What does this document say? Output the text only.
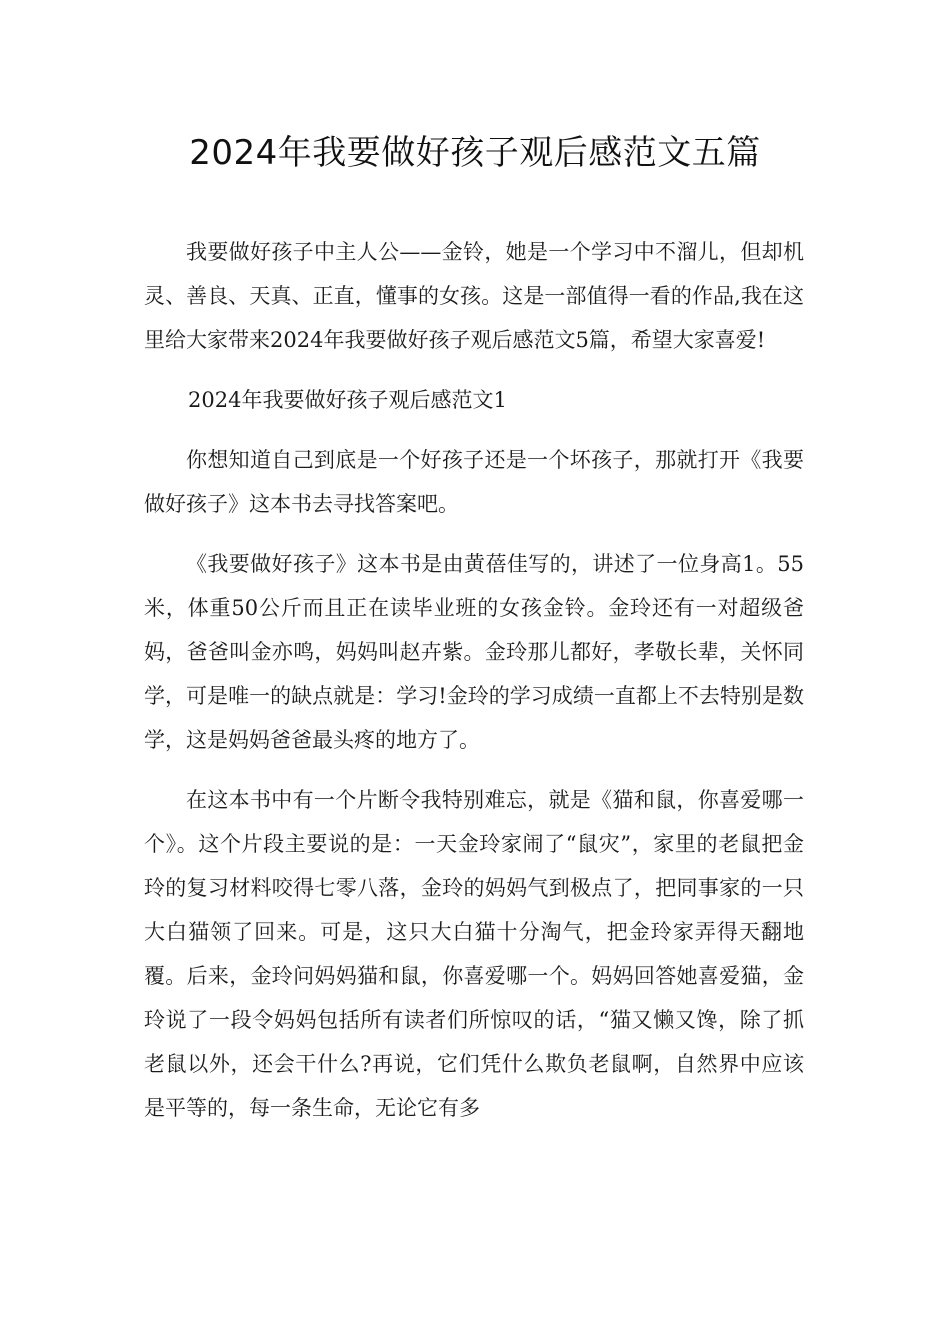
2024年我要做好孩子观后感范文五篇

我要做好孩子中主人公——金铃，她是一个学习中不溜儿，但却机灵、善良、天真、正直，懂事的女孩。这是一部值得一看的作品,我在这里给大家带来2024年我要做好孩子观后感范文5篇，希望大家喜爱!

2024年我要做好孩子观后感范文1

你想知道自己到底是一个好孩子还是一个坏孩子，那就打开《我要做好孩子》这本书去寻找答案吧。

《我要做好孩子》这本书是由黄蓓佳写的，讲述了一位身高1。55米，体重50公斤而且正在读毕业班的女孩金铃。金玲还有一对超级爸妈，爸爸叫金亦鸣，妈妈叫赵卉紫。金玲那儿都好，孝敬长辈，关怀同学，可是唯一的缺点就是：学习!金玲的学习成绩一直都上不去特别是数学，这是妈妈爸爸最头疼的地方了。

在这本书中有一个片断令我特别难忘，就是《猫和鼠，你喜爱哪一个》。这个片段主要说的是：一天金玲家闹了“鼠灾”，家里的老鼠把金玲的复习材料咬得七零八落，金玲的妈妈气到极点了，把同事家的一只大白猫领了回来。可是，这只大白猫十分淘气，把金玲家弄得天翻地覆。后来，金玲问妈妈猫和鼠，你喜爱哪一个。妈妈回答她喜爱猫，金玲说了一段令妈妈包括所有读者们所惊叹的话，“猫又懒又馋，除了抓老鼠以外，还会干什么?再说，它们凭什么欺负老鼠啊，自然界中应该是平等的，每一条生命，无论它有多
